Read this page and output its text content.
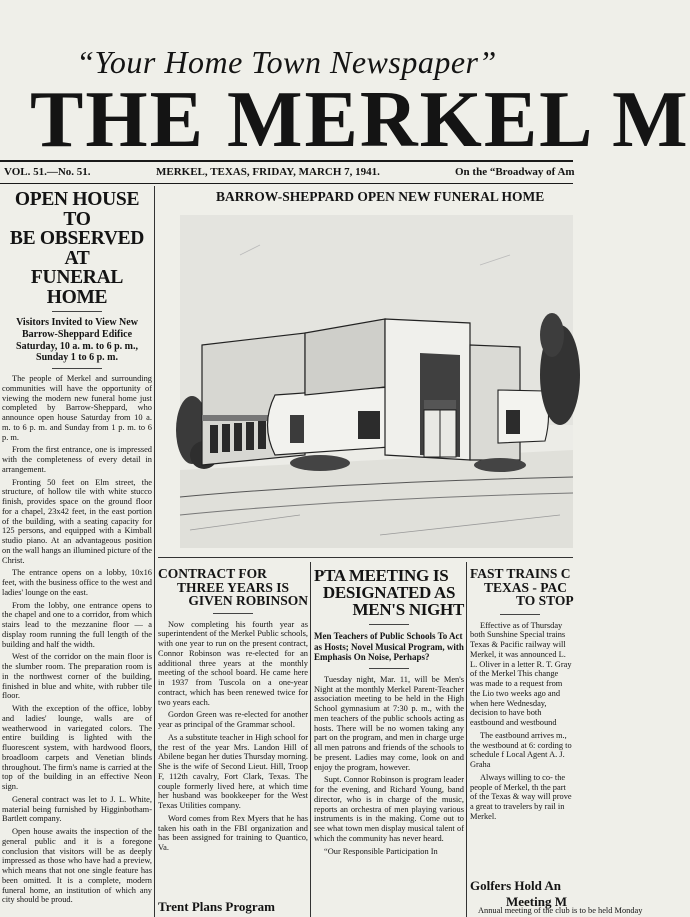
“Your Home Town Newspaper”
THE MERKEL M
VOL. 51.—No. 51.	MERKEL, TEXAS, FRIDAY, MARCH 7, 1941.	On the “Broadway of Am
OPEN HOUSE TO
BE OBSERVED AT
FUNERAL HOME
Visitors Invited to View New Barrow-Sheppard Edifice Saturday, 10 a. m. to 6 p. m., Sunday 1 to 6 p. m.

The people of Merkel and surrounding communities will have the opportunity of viewing the modern new funeral home just completed by Barrow-Sheppard, who announce open house Saturday from 10 a. m. to 6 p. m. and Sunday from 1 p. m. to 6 p. m.

From the first entrance, one is impressed with the completeness of every detail in arrangement.

Fronting 50 feet on Elm street, the structure, of hollow tile with white stucco finish, provides space on the ground floor for a chapel, 23x42 feet, in the east portion of the building, with a seating capacity for 125 persons, and equipped with a Kimball studio piano. At an advantageous position on the wall hangs an illumined picture of the Christ.

The entrance opens on a lobby, 10x16 feet, with the business office to the west and ladies' lounge on the east.

From the lobby, one entrance opens to the chapel and one to a corridor, from which stairs lead to the mezzanine floor — a display room running the full length of the building and half the width.

West of the corridor on the main floor is the slumber room. The preparation room is in the northwest corner of the building, finished in blue and white, with rubber tile floor.

With the exception of the office, lobby and ladies' lounge, walls are of weatherwood in variegated colors. The entire building is lighted with the fluorescent system, with hardwood floors, broadloom carpets and Venetian blinds throughout. The firm's name is carried at the top of the building in an effective Neon sign.

General contract was let to J. L. White, material being furnished by Higginbotham-Bartlett company.

Open house awaits the inspection of the general public and it is a foregone conclusion that visitors will be as deeply impressed as those who have had a preview, which means that not one single feature has been omitted. It is a complete, modern funeral home, an institution of which any city should be proud.

BARROW-SHEPPARD OPEN NEW FUNERAL HOME
CONTRACT FOR
THREE YEARS IS
GIVEN ROBINSON

Now completing his fourth year as superintendent of the Merkel Public schools, with one year to run on the present contract, Connor Robinson was re-elected for an additional three years at the monthly meeting of the school board. He came here in 1937 from Tuscola on a one-year contract, which has been renewed twice for two years each.

Gordon Green was re-elected for another year as principal of the Grammar school.

As a substitute teacher in High school for the rest of the year Mrs. Landon Hill of Abilene began her duties Thursday morning. She is the wife of Second Lieut. Hill, Troop F, 112th cavalry, Fort Clark, Texas. The couple formerly lived here, at which time her husband was bookkeeper for the West Texas Utilities company.

Word comes from Rex Myers that he has taken his oath in the FBI organization and has been assigned for training to Quantico, Va.

Trent Plans Program
PTA MEETING IS
DESIGNATED AS
MEN'S NIGHT
Men Teachers of Public Schools To Act as Hosts; Novel Musical Program, with Emphasis On Noise, Perhaps?

Tuesday night, Mar. 11, will be Men's Night at the monthly Merkel Parent-Teacher association meeting to be held in the High School gymnasium at 7:30 p. m., with the men teachers of the public schools acting as hosts. There will be no women taking any part on the program, and men in charge urge all men patrons and friends of the schools to be present. Ladies may come, look on and enjoy the program, however.

Supt. Connor Robinson is program leader for the evening, and Richard Young, band director, who is in charge of the music, reports an orchestra of men playing various instruments is in the making. Come out to see what town men display musical talent of which the community has never heard.

“Our Responsible Participation In

FAST TRAINS C
TEXAS - PAC
TO STOP

Effective as of Thursday both Sunshine Special trains Texas & Pacific railway will Merkel, it was announced L. L. Oliver in a letter R. T. Gray of the Merkel This change was made to a request from the Lio two weeks ago and when here Wednesday, decision to have both eastbound and westbound

The eastbound arrives m., the westbound at 6: cording to schedule f Local Agent A. J. Graha

Always willing to co- the people of Merkel, th the part of the Texas & way will prove a great to travelers by rail in Merkel.

Golfers Hold An
Meeting M
Annual meeting of the club is to be held Monday
